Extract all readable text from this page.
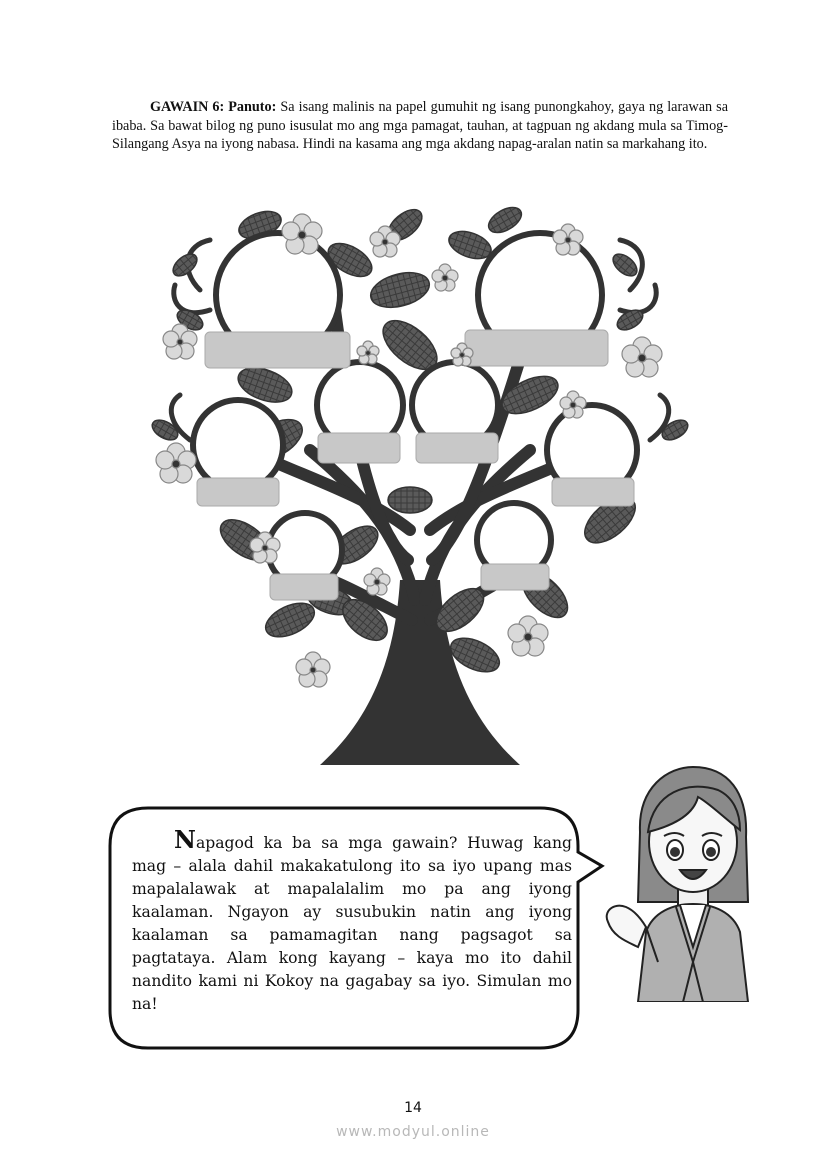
GAWAIN 6: Panuto: Sa isang malinis na papel gumuhit ng isang punongkahoy, gaya ng larawan sa ibaba. Sa bawat bilog ng puno isusulat mo ang mga pamagat, tauhan, at tagpuan ng akdang mula sa Timog-Silangang Asya na iyong nabasa. Hindi na kasama ang mga akdang napag-aralan natin sa markahang ito.
Napagod ka ba sa mga gawain? Huwag kang mag – alala dahil makakatulong ito sa iyo upang mas mapalalawak at mapalalalim mo pa ang iyong kaalaman. Ngayon ay susubukin natin ang iyong kaalaman sa pamamagitan nang pagsagot sa pagtataya. Alam kong kayang – kaya mo ito dahil nandito kami ni Kokoy na gagabay sa iyo. Simulan mo na!
14
www.modyul.online
